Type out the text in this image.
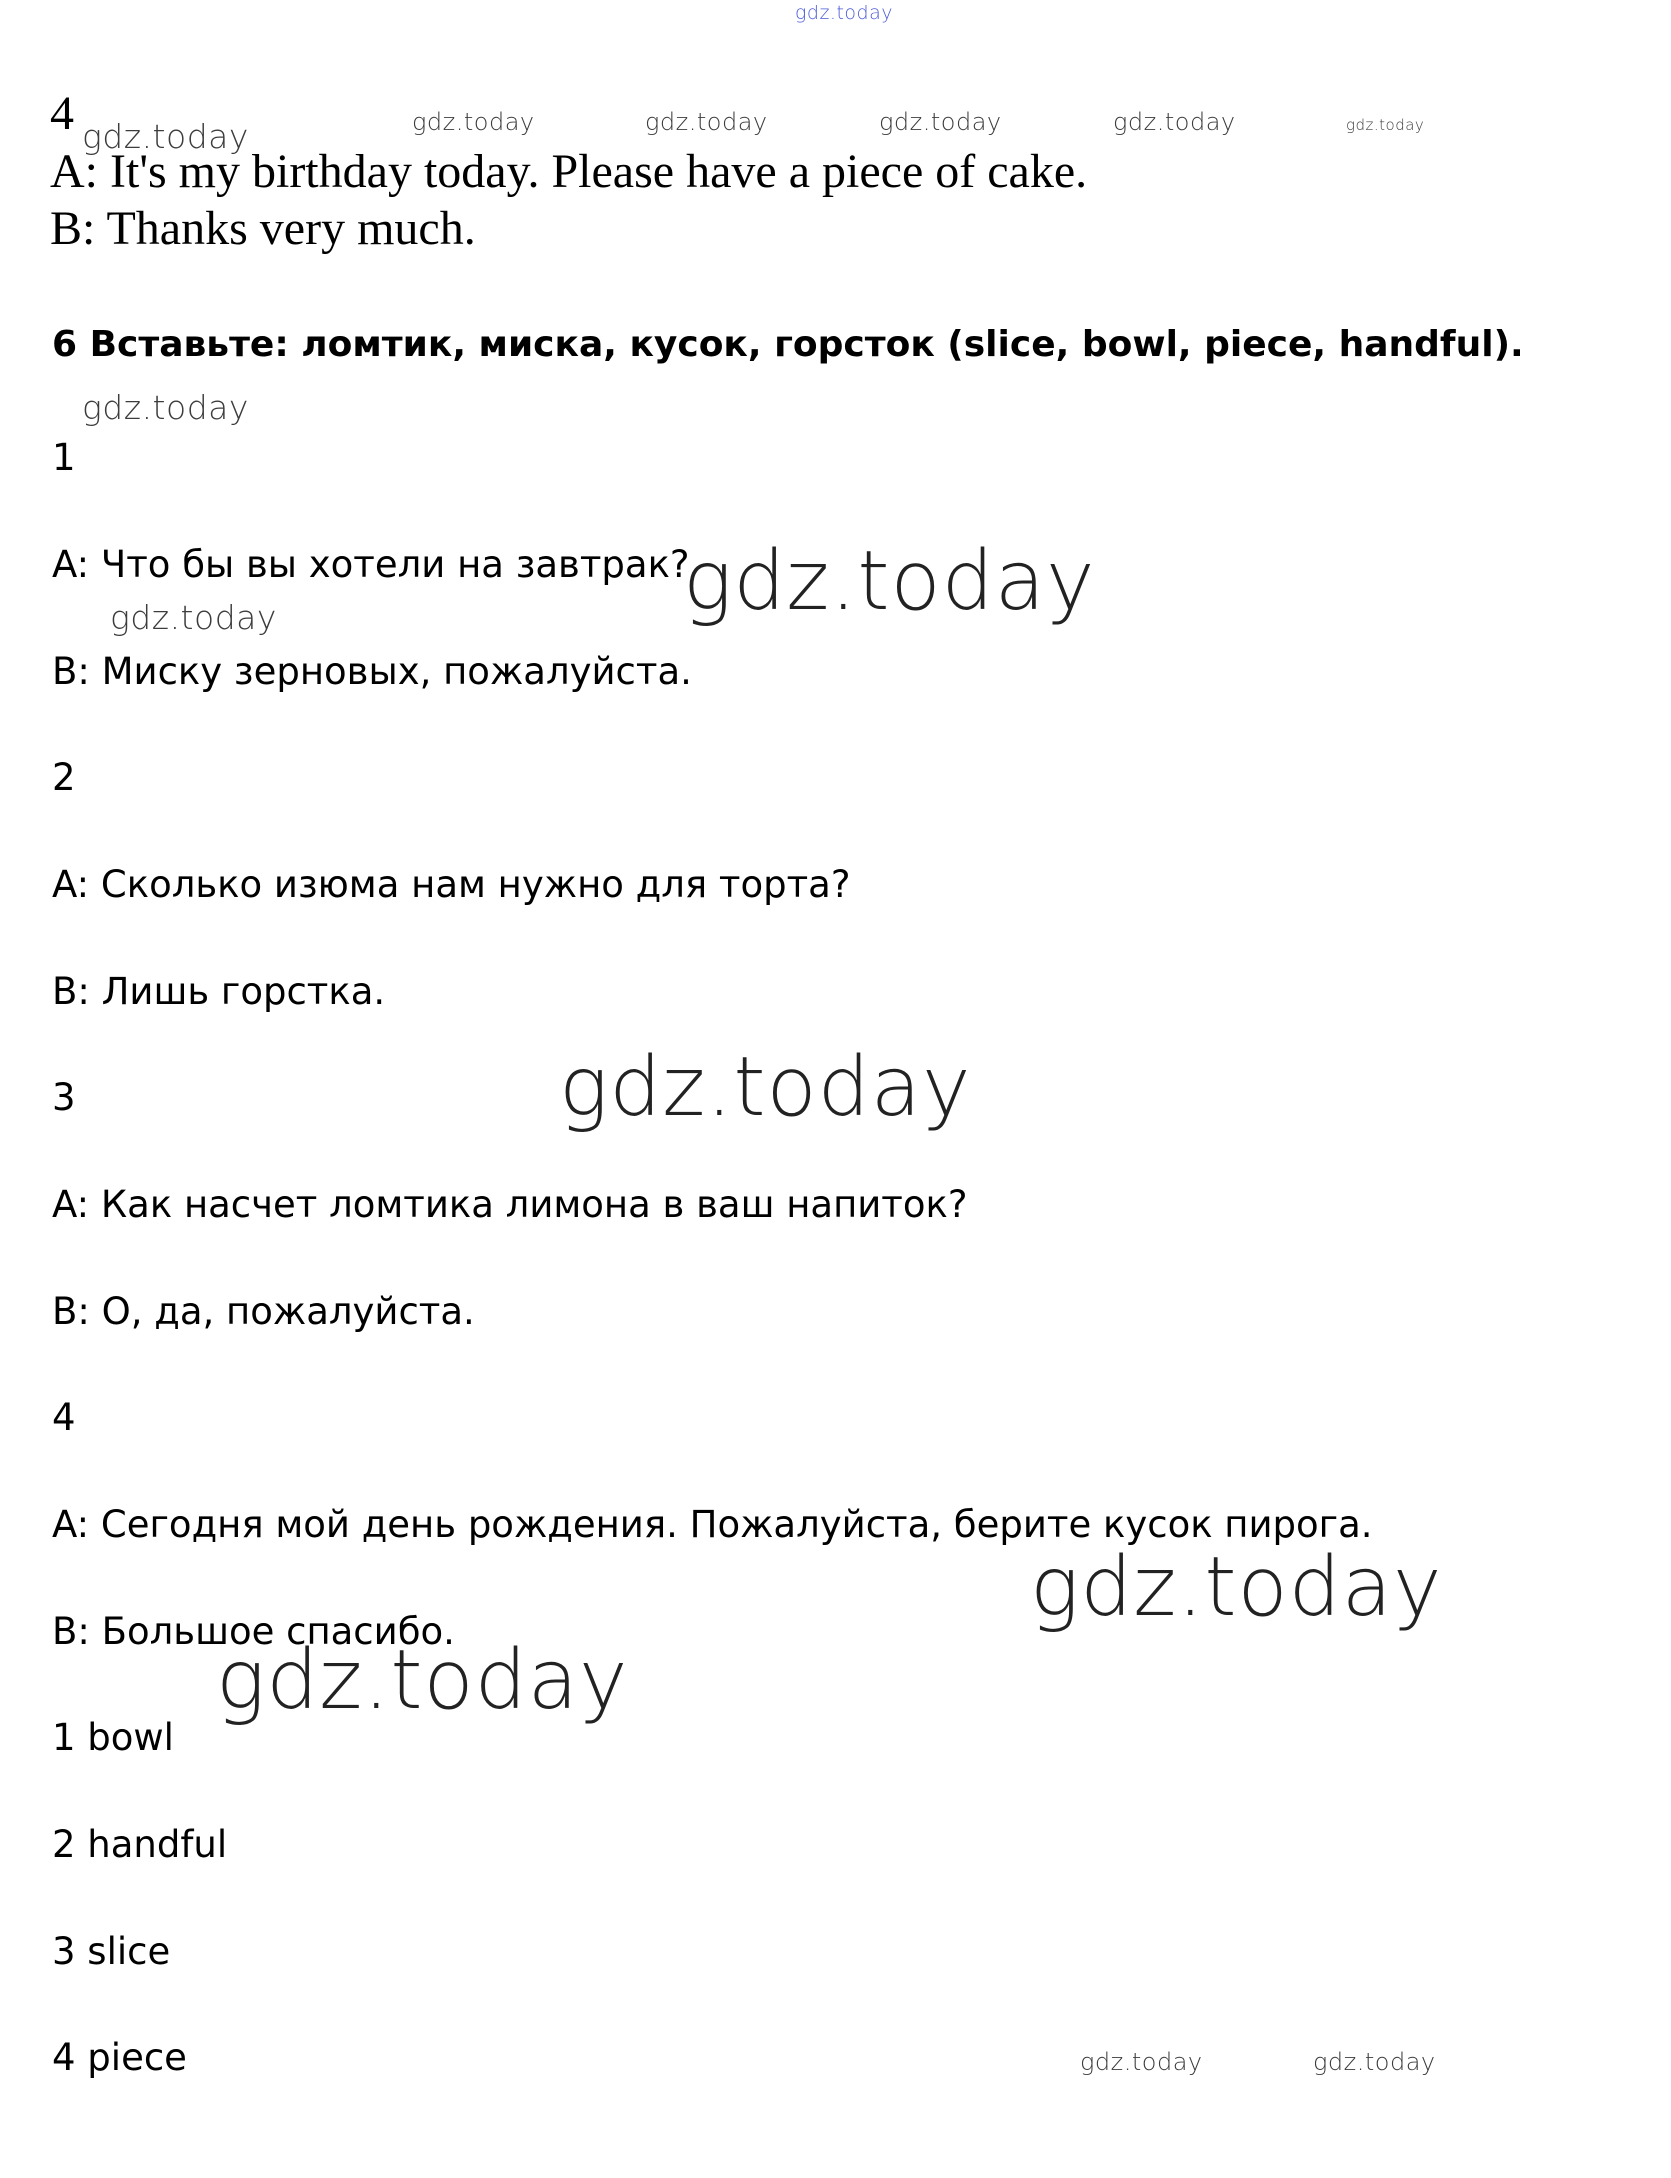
gdz.today
4 gdz.today	gdz.today	gdz.today	gdz.today	gdz.today	gdz.today
A: It's my birthday today. Please have a piece of cake.
B: Thanks very much.
6 Вставьте: ломтик, миска, кусок, горсток (slice, bowl, piece, handful).
gdz.today
1
A: Что бы вы хотели на завтрак?
gdz.today
gdz.today
B: Миску зерновых, пожалуйста.
2
A: Сколько изюма нам нужно для торта?
B: Лишь горстка.
3	gdz.today
A: Как насчет ломтика лимона в ваш напиток?
B: О, да, пожалуйста.
4
A: Сегодня мой день рождения. Пожалуйста, берите кусок пирога.
gdz.today
B: Большое спасибо.
gdz.today
1 bowl
2 handful
3 slice
4 piece	gdz.today	gdz.today
